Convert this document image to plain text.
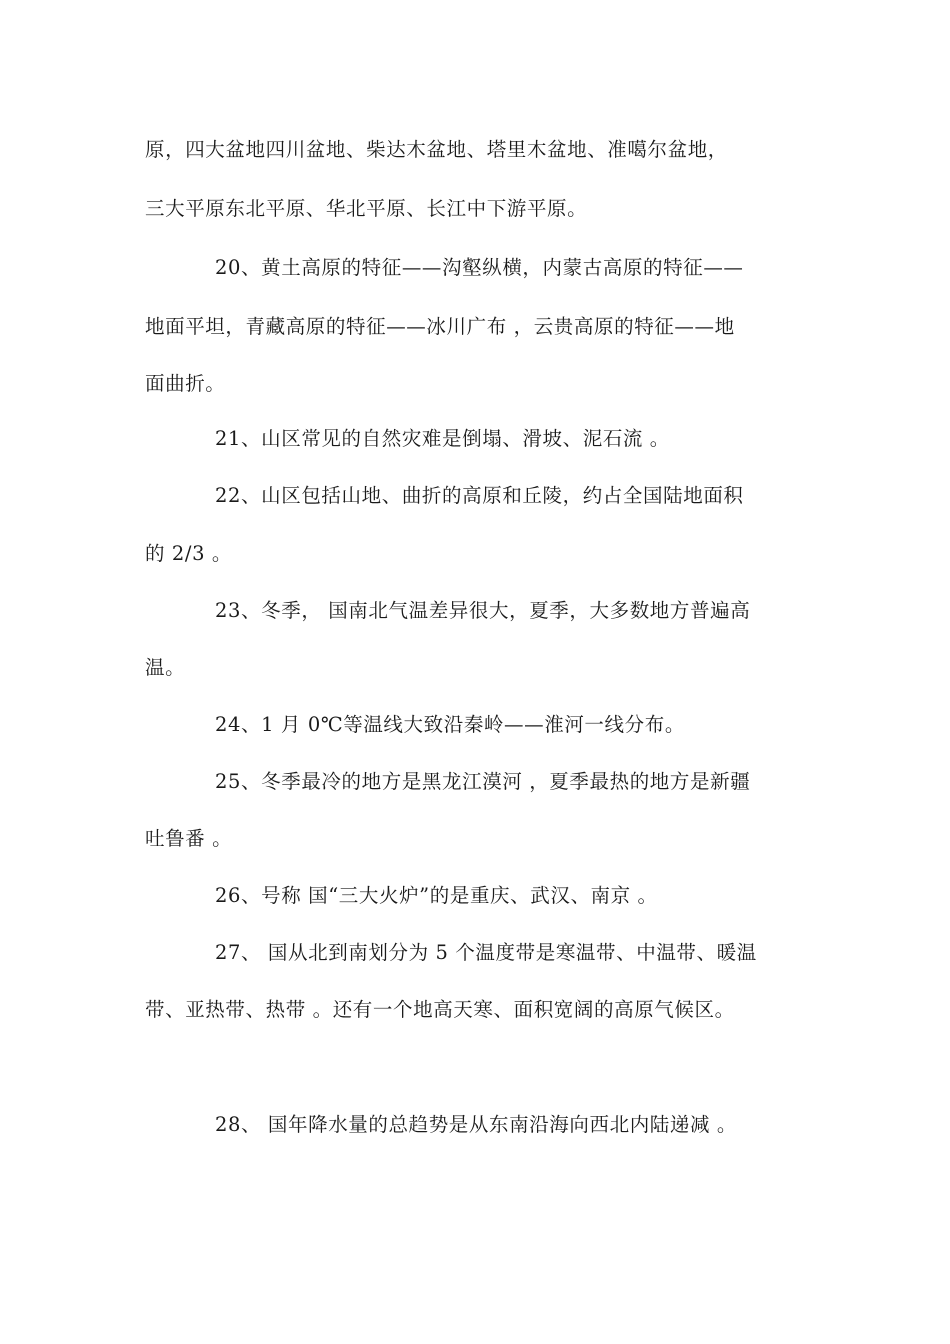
原，四大盆地四川盆地、柴达木盆地、塔里木盆地、准噶尔盆地，
三大平原东北平原、华北平原、长江中下游平原。
20、黄土高原的特征——沟壑纵横，内蒙古高原的特征——
地面平坦，青藏高原的特征——冰川广布 ，云贵高原的特征——地
面曲折。
21、山区常见的自然灾难是倒塌、滑坡、泥石流 。
22、山区包括山地、曲折的高原和丘陵，约占全国陆地面积
的 2/3 。
23、冬季， 国南北气温差异很大，夏季，大多数地方普遍高
温。
24、1 月 0℃等温线大致沿秦岭——淮河一线分布。
25、冬季最冷的地方是黑龙江漠河 ，夏季最热的地方是新疆
吐鲁番 。
26、号称 国“三大火炉”的是重庆、武汉、南京 。
27、 国从北到南划分为 5 个温度带是寒温带、中温带、暖温
带、亚热带、热带 。还有一个地高天寒、面积宽阔的高原气候区。
28、 国年降水量的总趋势是从东南沿海向西北内陆递减 。
